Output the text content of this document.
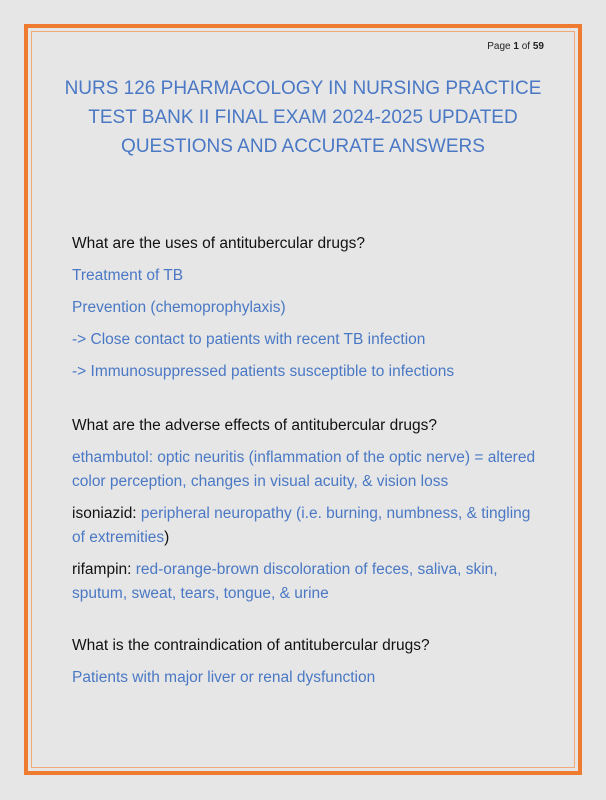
Page 1 of 59
NURS 126 PHARMACOLOGY IN NURSING PRACTICE
TEST BANK II FINAL EXAM 2024-2025 UPDATED
QUESTIONS AND ACCURATE ANSWERS

What are the uses of antitubercular drugs?

Treatment of TB

Prevention (chemoprophylaxis)

-> Close contact to patients with recent TB infection

-> Immunosuppressed patients susceptible to infections

What are the adverse effects of antitubercular drugs?

ethambutol: optic neuritis (inflammation of the optic nerve) = altered color perception, changes in visual acuity, & vision loss

isoniazid: peripheral neuropathy (i.e. burning, numbness, & tingling of extremities)

rifampin: red-orange-brown discoloration of feces, saliva, skin, sputum, sweat, tears, tongue, & urine

What is the contraindication of antitubercular drugs?

Patients with major liver or renal dysfunction
